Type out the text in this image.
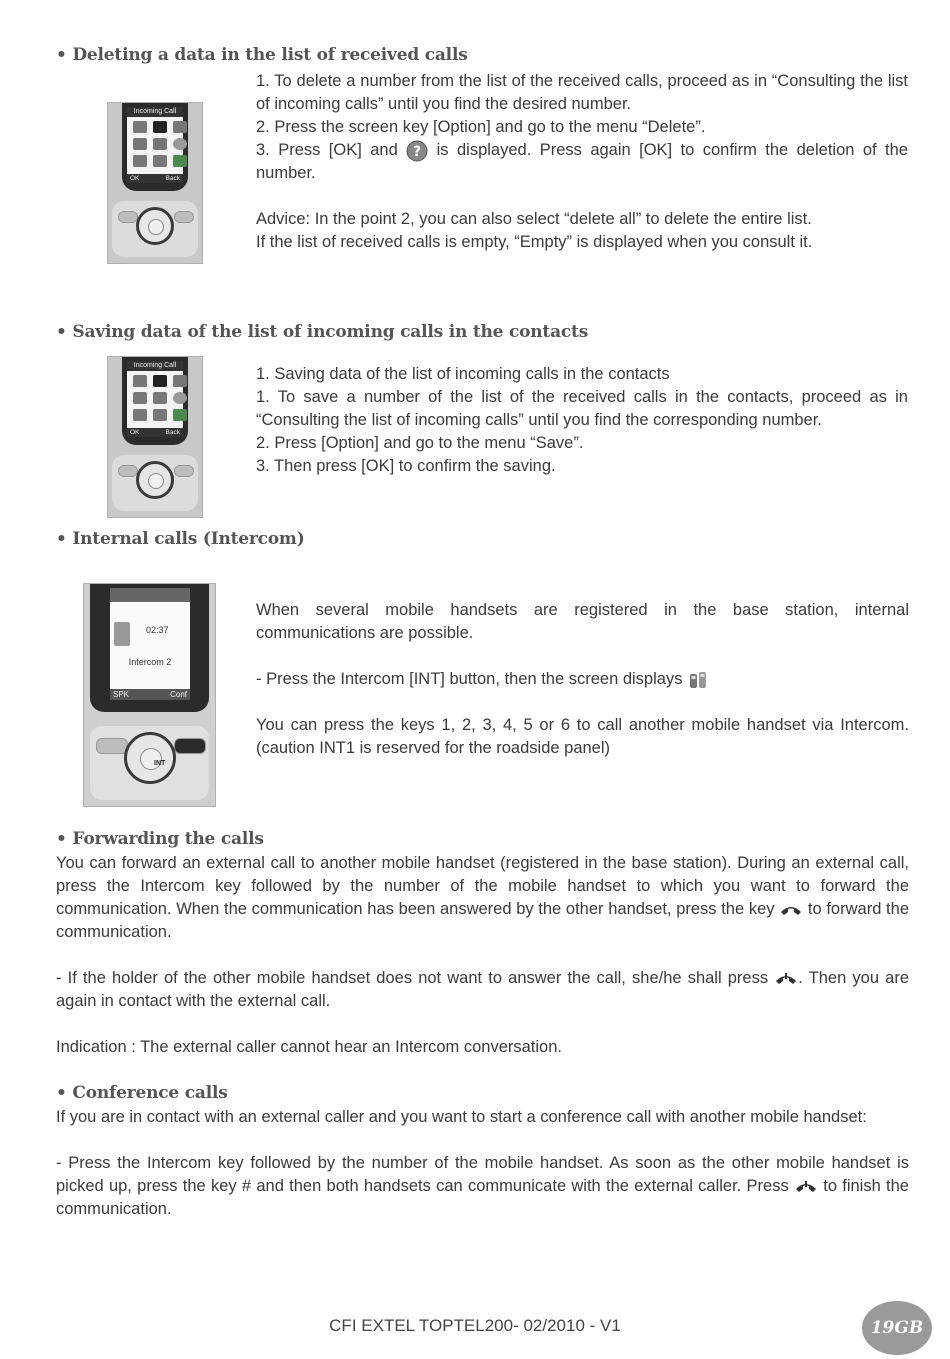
• Deleting a data in the list of received calls
Incoming Call
OK	Back

1. To delete a number from the list of the received calls, proceed as in “Consulting the list of incoming calls” until you find the desired number.

2. Press the screen key [Option] and go to the menu “Delete”.

3. Press [OK] and ? is displayed. Press again [OK] to confirm the deletion of the number.

Advice: In the point 2, you can also select “delete all” to delete the entire list.

If the list of received calls is empty, “Empty” is displayed when you consult it.

• Saving data of the list of incoming calls in the contacts
Incoming Call
OK	Back

1. Saving data of the list of incoming calls in the contacts

1. To save a number of the list of the received calls in the contacts, proceed as in “Consulting the list of incoming calls” until you find the corresponding number.

2. Press [Option] and go to the menu “Save”.

3. Then press [OK] to confirm the saving.

• Internal calls (Intercom)
02:37
Intercom 2
SPK	Conf
INT

When several mobile handsets are registered in the base station, internal communications are possible.

- Press the Intercom [INT] button, then the screen displays

You can press the keys 1, 2, 3, 4, 5 or 6 to call another mobile handset via Intercom. (caution INT1 is reserved for the roadside panel)

• Forwarding the calls

You can forward an external call to another mobile handset (registered in the base station). During an external call, press the Intercom key followed by the number of the mobile handset to which you want to forward the communication. When the communication has been answered by the other handset, press the key to forward the communication.

- If the holder of the other mobile handset does not want to answer the call, she/he shall press . Then you are again in contact with the external call.

Indication : The external caller cannot hear an Intercom conversation.

• Conference calls

If you are in contact with an external caller and you want to start a conference call with another mobile handset:

- Press the Intercom key followed by the number of the mobile handset. As soon as the other mobile handset is picked up, press the key # and then both handsets can communicate with the external caller. Press to finish the communication.

CFI EXTEL TOPTEL200- 02/2010 - V1	19GB
